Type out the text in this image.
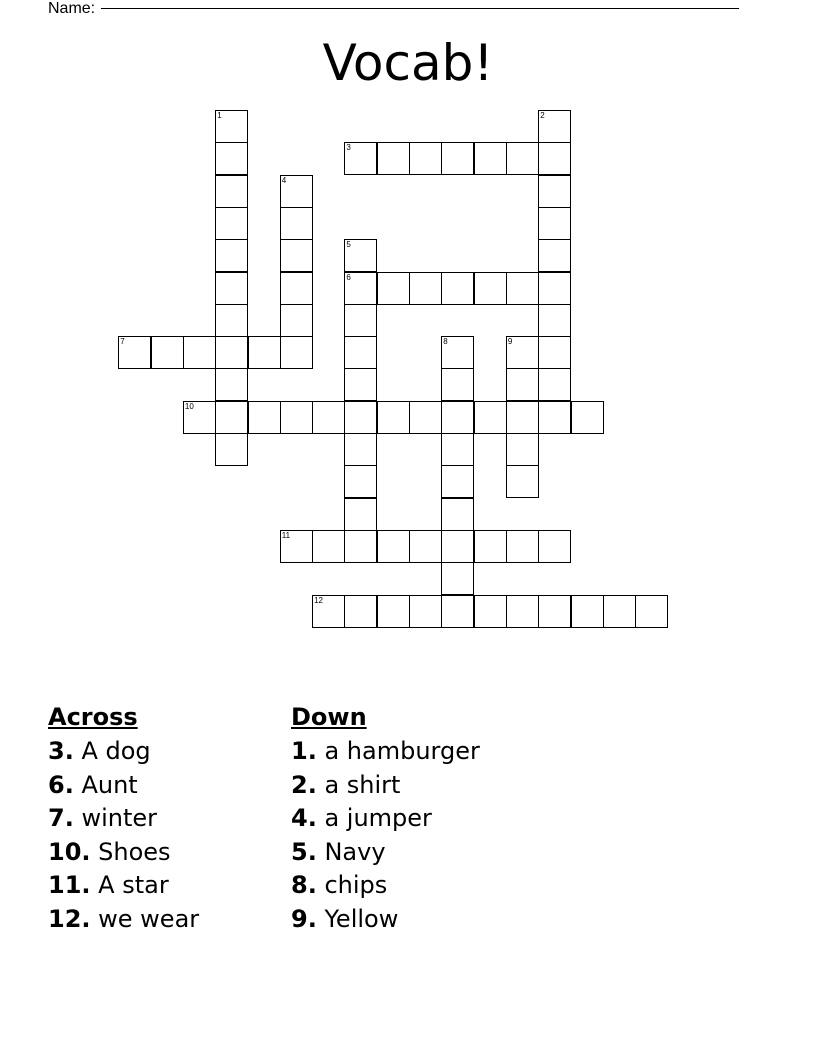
Name:
Vocab!
1	2
3
4
5
6
7	8	9
10
11
12
Across
3. A dog
6. Aunt
7. winter
10. Shoes
11. A star
12. we wear
Down
1. a hamburger
2. a shirt
4. a jumper
5. Navy
8. chips
9. Yellow
